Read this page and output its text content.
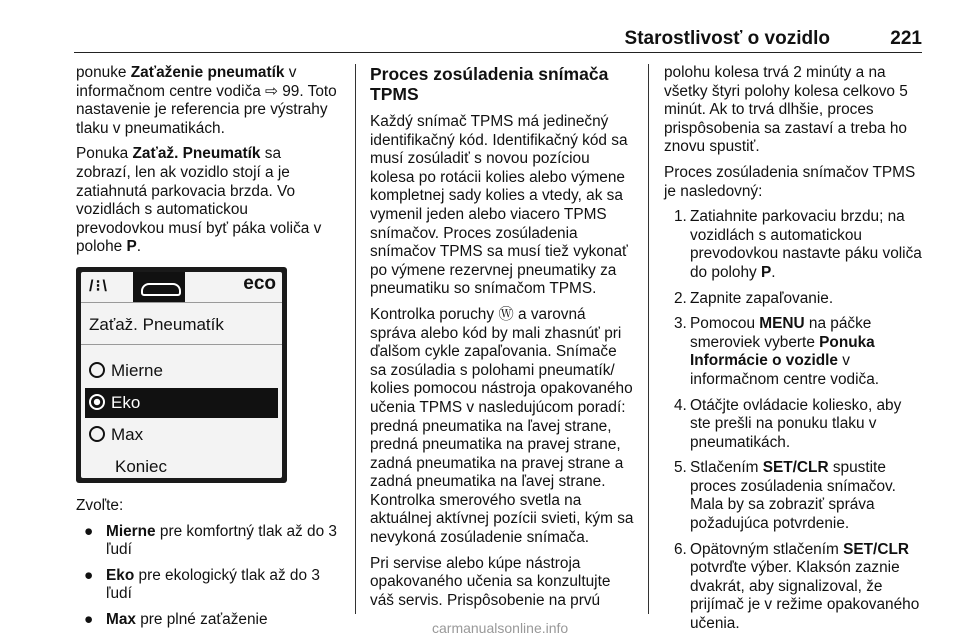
Starostlivosť o vozidlo	221

ponuke Zaťaženie pneumatík v informačnom centre vodiča ⇨ 99. Toto nastavenie je referencia pre výstrahy tlaku v pneumatikách.

Ponuka Zaťaž. Pneumatík sa zobrazí, len ak vozidlo stojí a je zatiahnutá parkovacia brzda. Vo vozidlách s automatickou prevodovkou musí byť páka voliča v polohe P.

/⁝\	eco
Zaťaž. Pneumatík
Mierne
Eko
Max
Koniec

Zvoľte:

● Mierne pre komfortný tlak až do 3 ľudí
● Eko pre ekologický tlak až do 3 ľudí
● Max pre plné zaťaženie
Proces zosúladenia snímača TPMS

Každý snímač TPMS má jedinečný identifikačný kód. Identifikačný kód sa musí zosúladiť s novou pozíciou kolesa po rotácii kolies alebo výmene kompletnej sady kolies a vtedy, ak sa vymenil jeden alebo viacero TPMS snímačov. Proces zosúladenia snímačov TPMS sa musí tiež vykonať po výmene rezervnej pneumatiky za pneumatiku so snímačom TPMS.

Kontrolka poruchy Ⓦ a varovná správa alebo kód by mali zhasnúť pri ďalšom cykle zapaľovania. Snímače sa zosúladia s polohami pneumatík/ kolies pomocou nástroja opakovaného učenia TPMS v nasledujúcom poradí: predná pneumatika na ľavej strane, predná pneumatika na pravej strane, zadná pneumatika na pravej strane a zadná pneumatika na ľavej strane. Kontrolka smerového svetla na aktuálnej aktívnej pozícii svieti, kým sa nevykoná zosúladenie snímača.

Pri servise alebo kúpe nástroja opakovaného učenia sa konzultujte váš servis. Prispôsobenie na prvú

polohu kolesa trvá 2 minúty a na všetky štyri polohy kolesa celkovo 5 minút. Ak to trvá dlhšie, proces prispôsobenia sa zastaví a treba ho znovu spustiť.

Proces zosúladenia snímačov TPMS je nasledovný:

1. Zatiahnite parkovaciu brzdu; na vozidlách s automatickou prevodovkou nastavte páku voliča do polohy P.
2. Zapnite zapaľovanie.
3. Pomocou MENU na páčke smeroviek vyberte Ponuka Informácie o vozidle v informačnom centre vodiča.
4. Otáčjte ovládacie koliesko, aby ste prešli na ponuku tlaku v pneumatikách.
5. Stlačením SET/CLR spustite proces zosúladenia snímačov. Mala by sa zobraziť správa požadujúca potvrdenie.
6. Opätovným stlačením SET/CLR potvrďte výber. Klaksón zaznie dvakrát, aby signalizoval, že prijímač je v režime opakovaného učenia.
carmanualsonline.info
